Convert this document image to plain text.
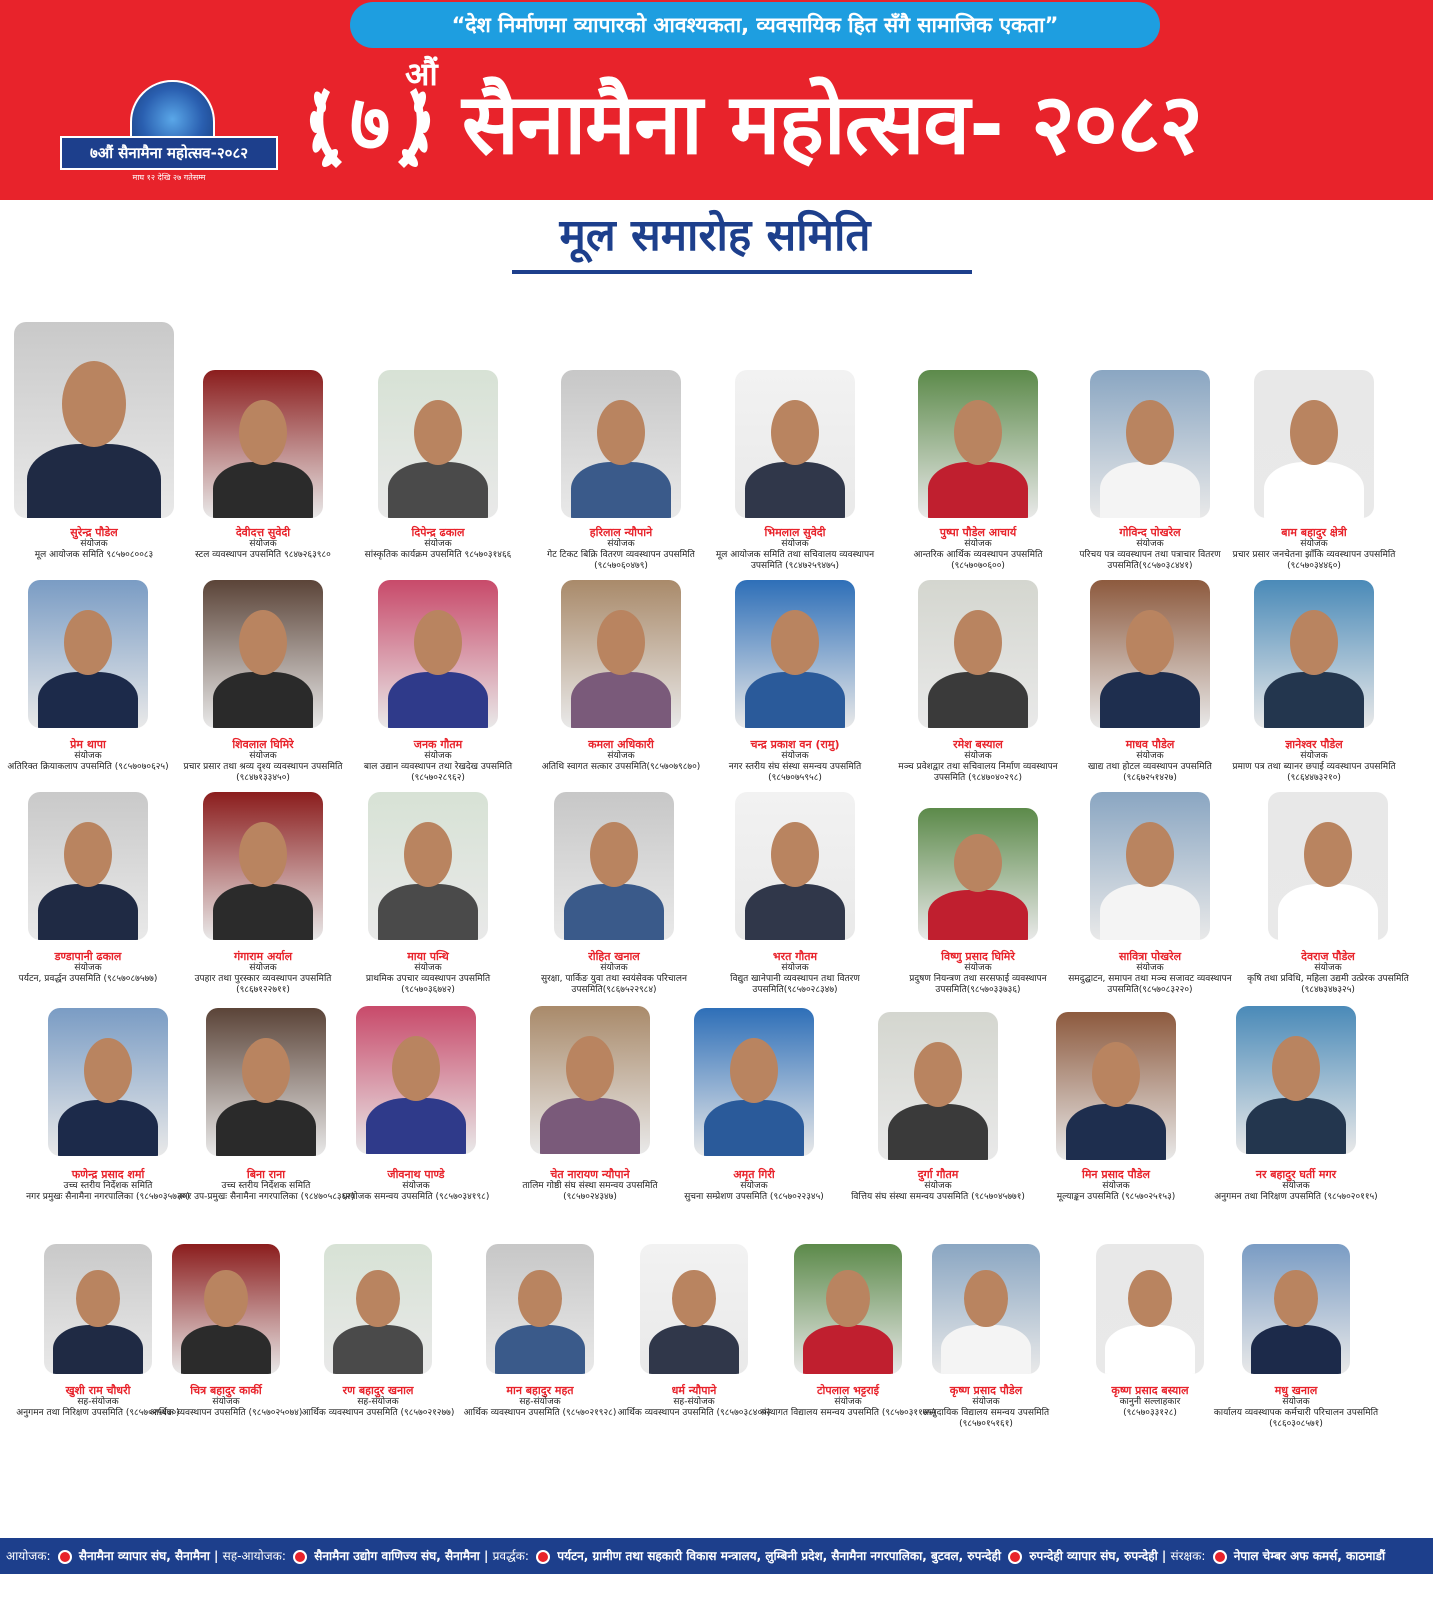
“देश निर्माणमा व्यापारको आवश्यकता, व्यवसायिक हित सँगै सामाजिक एकता”
७औं सैनामैना महोत्सव-२०८२
माघ १२ देखि २७ गतेसम्म
७
औं
सैनामैना महोत्सव- २०८२
मूल समारोह समिति
सुरेन्द्र पौडेल
संयोजक
मूल आयोजक समिति ९८५७०८००८३
देवीदत्त सुवेदी
संयोजक
स्टल व्यवस्थापन उपसमिति ९८४७२६३९८०
दिपेन्द्र ढकाल
संयोजक
सांस्कृतिक कार्यक्रम उपसमिति ९८५७०३१४६६
हरिलाल न्यौपाने
संयोजक
गेट टिकट बिक्रि वितरण व्यवस्थापन उपसमिति (९८५७०६०४७९)
भिमलाल सुवेदी
संयोजक
मूल आयोजक समिति तथा सचिवालय व्यवस्थापन उपसमिति (९८४७२५९४७५)
पुष्पा पौडेल आचार्य
संयोजक
आन्तरिक आर्थिक व्यवस्थापन उपसमिति (९८५७०७०६००)
गोविन्द पोखरेल
संयोजक
परिचय पत्र व्यवस्थापन तथा पत्राचार वितरण उपसमिति(९८५७०३८४४१)
बाम बहादुर क्षेत्री
संयोजक
प्रचार प्रसार जनचेतना झाँकि व्यवस्थापन उपसमिति (९८५७०३४४६०)
प्रेम थापा
संयोजक
अतिरिक्त क्रियाकलाप उपसमिति (९८५७०७०६२५)
शिवलाल घिमिरे
संयोजक
प्रचार प्रसार तथा श्रव्य दृश्य व्यवस्थापन उपसमिति (९८४७१३३४५०)
जनक गौतम
संयोजक
बाल उद्यान व्यवस्थापन तथा रेखदेख उपसमिति (९८५७०२८९६२)
कमला अधिकारी
संयोजक
अतिथि स्वागत सत्कार उपसमिति(९८५७०७९८७०)
चन्द्र प्रकाश वन (रामु)
संयोजक
नगर स्तरीय संघ संस्था समन्वय उपसमिति (९८५७०७५९५८)
रमेश बस्याल
संयोजक
मञ्च प्रवेशद्वार तथा सचिवालय निर्माण व्यवस्थापन उपसमिति (९८४७०४०२९८)
माधव पौडेल
संयोजक
खाद्य तथा होटल व्यवस्थापन उपसमिति (९८६७२५१४२७)
ज्ञानेश्वर पौडेल
संयोजक
प्रमाण पत्र तथा ब्यानर छपाई व्यवस्थापन उपसमिति (९८६४४७३२१०)
डण्डापानी ढकाल
संयोजक
पर्यटन, प्रवर्द्धन उपसमिति (९८५७०८७५७७)
गंगाराम अर्याल
संयोजक
उपहार तथा पुरस्कार व्यवस्थापन उपसमिति (९८६७१२२७११)
माया पन्थि
संयोजक
प्राथमिक उपचार व्यवस्थापन उपसमिति (९८५७०३६७४२)
रोहित खनाल
संयोजक
सुरक्षा, पार्किङ युवा तथा स्वयंसेवक परिचालन उपसमिति(९८६७५२२९८४)
भरत गौतम
संयोजक
विद्युत खानेपानी व्यवस्थापन तथा वितरण उपसमिति(९८५७०२८३४७)
विष्णु प्रसाद घिमिरे
संयोजक
प्रदुषण नियन्त्रण तथा सरसफाई व्यवस्थापन उपसमिति(९८५७०३३७३६)
सावित्रा पोखरेल
संयोजक
समदुद्घाटन, समापन तथा मञ्च सजावट व्यवस्थापन उपसमिति(९८५७०८३२२०)
देवराज पौडेल
संयोजक
कृषि तथा प्रविधि, महिला उद्यमी उत्प्रेरक उपसमिति (९८४७३४७३२५)
फणेन्द्र प्रसाद शर्मा
उच्च स्तरीय निर्देशक समिति
नगर प्रमुखः सैनामैना नगरपालिका (९८५७०३५७३०)
बिना राना
उच्च स्तरीय निर्देशक समिति
नगर उप-प्रमुखः सैनामैना नगरपालिका (९८४७०५८३६२)
जीवनाथ पाण्डे
संयोजक
प्रायोजक समन्वय उपसमिति (९८५७०३४१९८)
चेत नारायण न्यौपाने
तालिम गोष्ठी संघ संस्था समन्वय उपसमिति (९८५७०२४३४७)
अमृत गिरी
संयोजक
सुचना सम्प्रेशण उपसमिति (९८५७०२२३४५)
दुर्गा गौतम
संयोजक
वित्तिय संघ संस्था समन्वय उपसमिति (९८५७०४५७७१)
मिन प्रसाद पौडेल
संयोजक
मूल्याङ्कन उपसमिति (९८५७०२५१५३)
नर बहादुर घर्ती मगर
संयोजक
अनुगमन तथा निरिक्षण उपसमिति (९८५७०२०११५)
खुशी राम चौधरी
सह-संयोजक
अनुगमन तथा निरिक्षण उपसमिति (९८५७०२५१७०)
चित्र बहादुर कार्की
संयोजक
आर्थिक व्यवस्थापन उपसमिति (९८५७०२५०७४)
रण बहादुर खनाल
सह-संयोजक
आर्थिक व्यवस्थापन उपसमिति (९८५७०२१२७७)
मान बहादुर महत
सह-संयोजक
आर्थिक व्यवस्थापन उपसमिति (९८५७०२१९२८)
धर्म न्यौपाने
सह-संयोजक
आर्थिक व्यवस्थापन उपसमिति (९८५७०३८४००)
टोपलाल भट्टराई
संयोजक
संस्थागत विद्यालय समन्वय उपसमिति (९८५७०३११७५)
कृष्ण प्रसाद पौडेल
संयोजक
सामुदायिक विद्यालय समन्वय उपसमिति (९८५७०१५१६१)
कृष्ण प्रसाद बस्याल
कानुनी सल्लाहकार
(९८५७०३३१२८)
मधु खनाल
संयोजक
कार्यालय व्यवस्थापक कर्मचारी परिचालन उपसमिति (९८६०३०८५७१)
आयोजक: सैनामैना व्यापार संघ, सैनामैना | सह-आयोजक: सैनामैना उद्योग वाणिज्य संघ, सैनामैना | प्रवर्द्धक: पर्यटन, ग्रामीण तथा सहकारी विकास मन्त्रालय, लुम्बिनी प्रदेश, सैनामैना नगरपालिका, बुटवल, रुपन्देही रुपन्देही व्यापार संघ, रुपन्देही | संरक्षक: नेपाल चेम्बर अफ कमर्स, काठमाडौं
